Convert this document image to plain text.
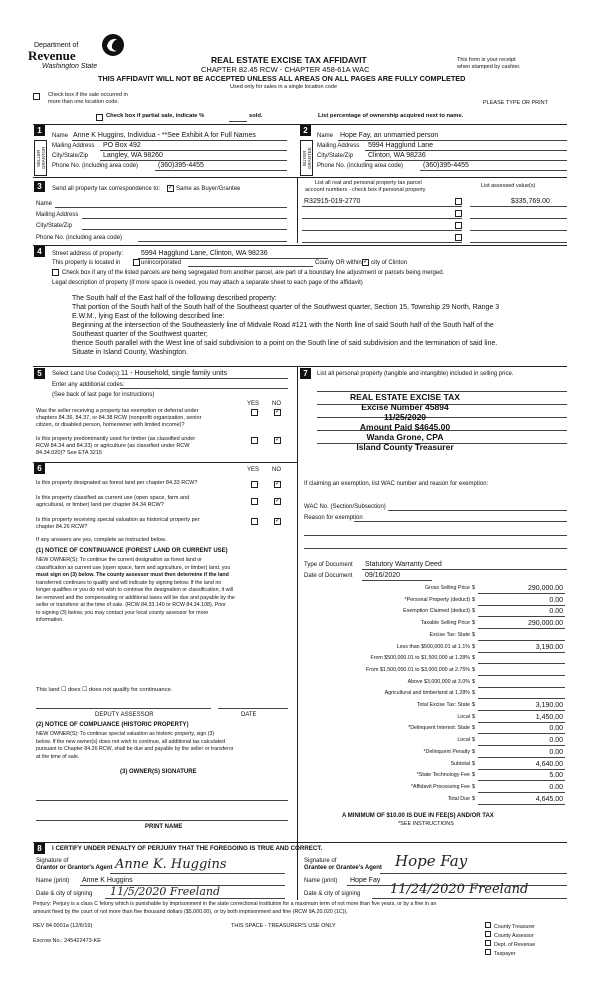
Department of
Revenue
Washington State
REAL ESTATE EXCISE TAX AFFIDAVIT
CHAPTER 82.45 RCW - CHAPTER 458-61A WAC
THIS AFFIDAVIT WILL NOT BE ACCEPTED UNLESS ALL AREAS ON ALL PAGES ARE FULLY COMPLETED
Used only for sales in a single location code
This form is your receipt
when stamped by cashier.
Check box if the sale occurred in
more than one location code.	PLEASE TYPE OR PRINT
Check box if partial sale, indicate %	sold.	List percentage of ownership acquired next to name.
1
SELLER GRANTOR
Name Anne K Huggins, Individua - **See Exhibit A for Full Names
Mailing Address PO Box 492
City/State/Zip Langley, WA 98260
Phone No. (including area code)	(360)395-4455
2
BUYER GRANTEE
Name Hope Fay, an unmarried person
Mailing Address 5994 Hagglund Lane
City/State/Zip Clinton, WA 98236
Phone No. (including area code)	(360)395-4455
3	Send all property tax correspondence to: ✓ Same as Buyer/Grantee
Name
Mailing Address
City/State/Zip
Phone No. (including area code)
List all real and personal property tax parcel
account numbers - check box if personal property
List assessed value(s)
R32915-019-2770	$335,769.00
4	Street address of property:	5994 Hagglund Lane, Clinton, WA 98236
This property is located in	unincorporated	County OR within ✓ city of Clinton
Check box if any of the listed parcels are being segregated from another parcel, are part of a boundary line adjustment or parcels being merged.
Legal description of property (if more space is needed, you may attach a separate sheet to each page of the affidavit)
The South half of the East half of the following described property:
That portion of the South half of the South half of the Southeast quarter of the Southwest quarter, Section 15, Township 29 North, Range 3
E.W.M., lying East of the following described line:
Beginning at the intersection of the Southeasterly line of Midvale Road #121 with the North line of said South half of the South half of the
Southeast quarter of the Southwest quarter;
thence South parallel with the West line of said subdivision to a point on the South line of said subdivision and the termination of said line.
Situate in Island County, Washington.
5	Select Land Use Code(s): 11 - Household, single family units
Enter any additional codes:
(See back of last page for instructions)
YES NO
Was the seller receiving a property tax exemption or deferral under
chapters 84.36, 84.37, or 84.38 RCW (nonprofit organization, senior
citizen, or disabled person, homeowner with limited income)?
✓
Is this property predominantly used for timber (as classified under
RCW 84.34 and 84.33) or agriculture (as classified under RCW
84.34.020)? See ETA 3215
✓
7	List all personal property (tangible and intangible) included in selling price.
REAL ESTATE EXCISE TAX
Excise Number 45894
11/25/2020
Amount Paid $4645.00
Wanda Grone, CPA
Island County Treasurer
6	YES NO
Is this property designated as forest land per chapter 84.33 RCW?	✓
Is this property classified as current use (open space, farm and
agricultural, or timber) land per chapter 84.34 RCW?
✓
Is this property receiving special valuation as historical property per
chapter 84.26 RCW?
✓
If any answers are yes, complete as instructed below.
(1) NOTICE OF CONTINUANCE (FOREST LAND OR CURRENT USE)
NEW OWNER(S): To continue the current designation as forest land or
classification as current use (open space, farm and agriculture, or timber) land, you
must sign on (3) below. The county assessor must then determine if the land
transferred continues to qualify and will indicate by signing below. If the land no
longer qualifies or you do not wish to continue the designation or classification, it will
be removed and the compensating or additional taxes will be due and payable by the
seller or transferor at the time of sale. (RCW 84.33.140 or RCW 84.34.108). Prior
to signing (3) below, you may contact your local county assessor for more
information.
This land ☐ does ☐ does not qualify for continuance.
DEPUTY ASSESSOR	DATE
(2) NOTICE OF COMPLIANCE (HISTORIC PROPERTY)
NEW OWNER(S): To continue special valuation as historic property, sign (3)
below. If the new owner(s) does not wish to continue, all additional tax calculated
pursuant to Chapter 84.26 RCW, shall be due and payable by the seller or transferor
at the time of sale.
(3) OWNER(S) SIGNATURE
PRINT NAME
If claiming an exemption, list WAC number and reason for exemption:
WAC No. (Section/Subsection)
Reason for exemption
Type of Document Statutory Warranty Deed
Date of Document 09/16/2020
Gross Selling Price $	290,000.00
*Personal Property (deduct) $	0.00
Exemption Claimed (deduct) $	0.00
Taxable Selling Price $	290,000.00
Excise Tax: State $
Less than $500,000.01 at 1.1% $	3,190.00
From $500,000.01 to $1,500,000 at 1.28% $
From $1,500,000.01 to $3,000,000 at 2.75% $
Above $3,000,000 at 3.0% $
Agricultural and timberland at 1.28% $
Total Excise Tax: State $	3,190.00
Local $	1,450.00
*Delinquent Interest: State $	0.00
Local $	0.00
*Delinquent Penalty $	0.00
Subtotal $	4,640.00
*State Technology Fee $	5.00
*Affidavit Processing Fee $	0.00
Total Due $	4,645.00
A MINIMUM OF $10.00 IS DUE IN FEE(S) AND/OR TAX
*SEE INSTRUCTIONS
8	I CERTIFY UNDER PENALTY OF PERJURY THAT THE FOREGOING IS TRUE AND CORRECT.
Signature of
Grantor or Grantor's Agent Anne K. Huggins
Name (print) Anne K Huggins
Date & city of signing 11/5/2020 Freeland
Signature of
Grantee or Grantee's Agent Hope Fay
Name (print) Hope Fay
Date & city of signing 11/24/2020 Freeland
Perjury: Perjury is a class C felony which is punishable by imprisonment in the state correctional institution for a maximum term of not more than five years, or by a fine in an
amount fixed by the court of not more than five thousand dollars ($5,000.00), or by both imprisonment and fine (RCW 9A.20.020 (1C)).
REV 84 0001a (12/6/19)	THIS SPACE - TREASURER'S USE ONLY
Escrow No.: 245422473-KE
County Treasurer
County Assessor
Dept. of Revenue
Taxpayer
